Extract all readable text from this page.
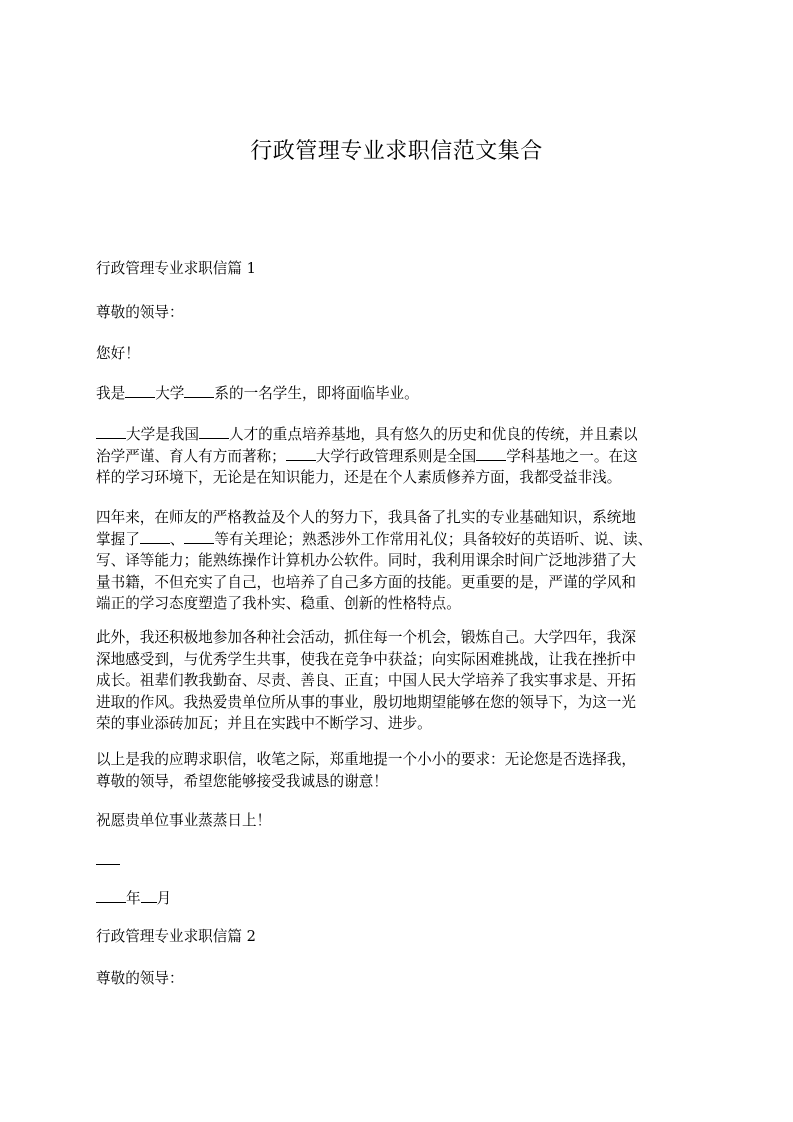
行政管理专业求职信范文集合

行政管理专业求职信篇 1

尊敬的领导：

您好！

我是 大学 系的一名学生，即将面临毕业。

大学是我国 人才的重点培养基地，具有悠久的历史和优良的传统，并且素以
治学严谨、育人有方而著称； 大学行政管理系则是全国 学科基地之一。在这
样的学习环境下，无论是在知识能力，还是在个人素质修养方面，我都受益非浅。
四年来，在师友的严格教益及个人的努力下，我具备了扎实的专业基础知识，系统地
掌握了 、 等有关理论；熟悉涉外工作常用礼仪；具备较好的英语听、说、读、
写、译等能力；能熟练操作计算机办公软件。同时，我利用课余时间广泛地涉猎了大
量书籍，不但充实了自己，也培养了自己多方面的技能。更重要的是，严谨的学风和
端正的学习态度塑造了我朴实、稳重、创新的性格特点。
此外，我还积极地参加各种社会活动，抓住每一个机会，锻炼自己。大学四年，我深
深地感受到，与优秀学生共事，使我在竞争中获益；向实际困难挑战，让我在挫折中
成长。祖辈们教我勤奋、尽责、善良、正直；中国人民大学培养了我实事求是、开拓
进取的作风。我热爱贵单位所从事的事业，殷切地期望能够在您的领导下，为这一光
荣的事业添砖加瓦；并且在实践中不断学习、进步。
以上是我的应聘求职信，收笔之际，郑重地提一个小小的要求：无论您是否选择我，
尊敬的领导，希望您能够接受我诚恳的谢意！

祝愿贵单位事业蒸蒸日上！

年 月

行政管理专业求职信篇 2

尊敬的领导：
